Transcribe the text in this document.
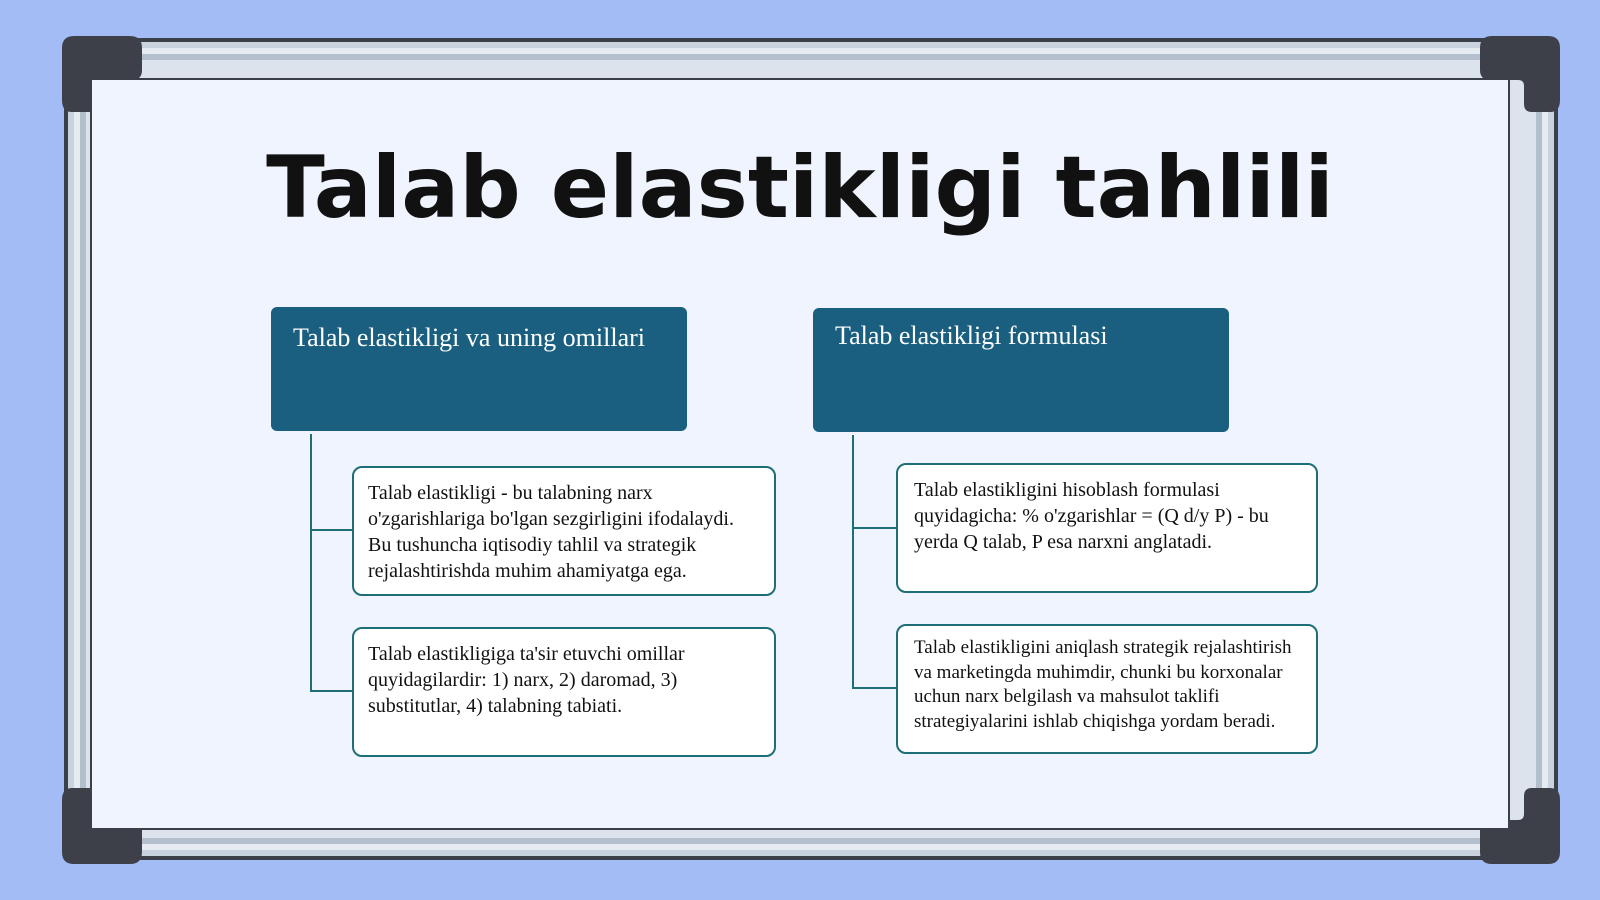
Talab elastikligi tahlili
Talab elastikligi va uning omillari
Talab elastikligi - bu talabning narx o'zgarishlariga bo'lgan sezgirligini ifodalaydi. Bu tushuncha iqtisodiy tahlil va strategik rejalashtirishda muhim ahamiyatga ega.
Talab elastikligiga ta'sir etuvchi omillar quyidagilardir: 1) narx, 2) daromad, 3) substitutlar, 4) talabning tabiati.
Talab elastikligi formulasi
Talab elastikligini hisoblash formulasi quyidagicha: % o'zgarishlar = (Q d/y P) - bu yerda Q talab, P esa narxni anglatadi.
Talab elastikligini aniqlash strategik rejalashtirish va marketingda muhimdir, chunki bu korxonalar uchun narx belgilash va mahsulot taklifi strategiyalarini ishlab chiqishga yordam beradi.
